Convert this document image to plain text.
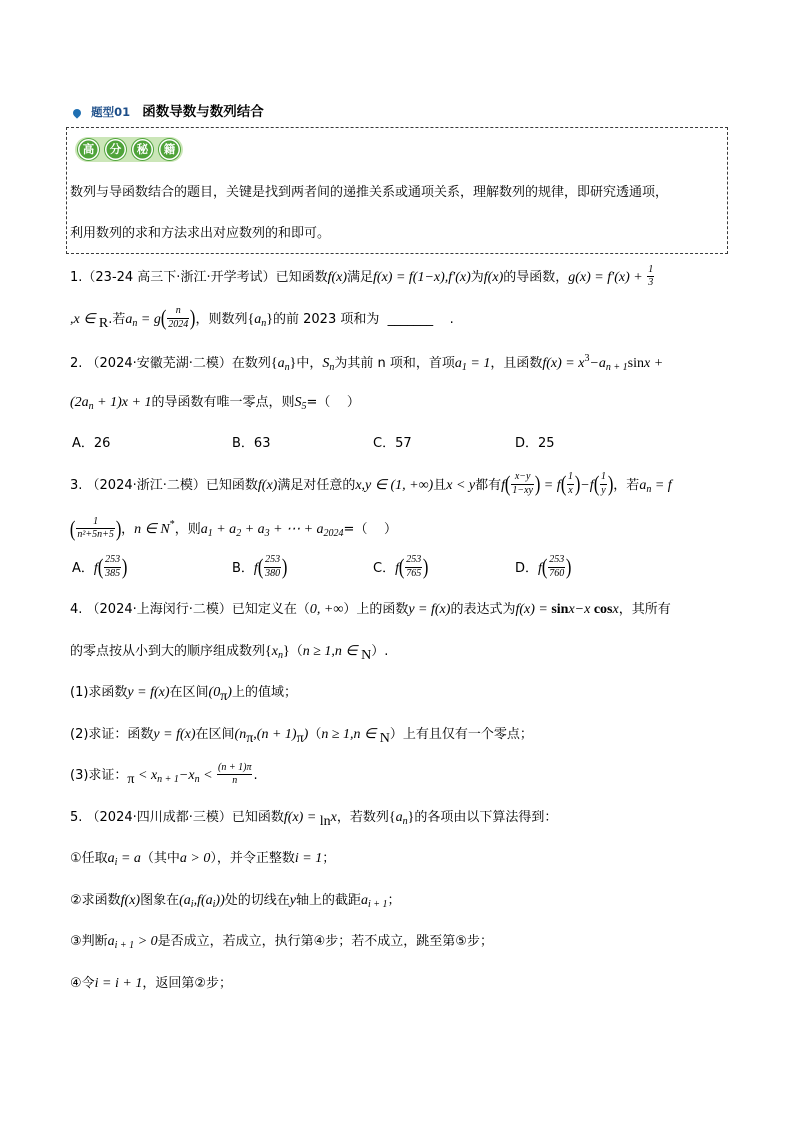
题型01 函数导数与数列结合
高	分	秘	籍
数列与导函数结合的题目，关键是找到两者间的递推关系或通项关系，理解数列的规律，即研究透通项，
利用数列的求和方法求出对应数列的和即可。
1.（23-24 高三下·浙江·开学考试）已知函数f(x)满足f(x) = f(1−x),f′(x)为f(x)的导函数，$g(x) = f'(x) + \frac{1}{3}$
,x ∈ R.若$a_n = g( \frac{n}{2024}$ )，则数列$\{a_n\}$的前 2023 项和为  _______    .
2. （2024·安徽芜湖·二模）在数列$\{a_n\}$中，$S_n$为其前 n 项和，首项$a_1 = 1$，且函数$f(x) = x^3-a_{n + 1}\sin x$ +
$(2a_n + 1)x + 1$的导函数有唯一零点，则$S_5=$（    ）
A．26	B．63	C．57	D．25
3. （2024·浙江·二模）已知函数f(x)满足对任意的x,y ∈ (1, +∞)且x < y都有$f( \frac{x-y}{1-xy}$ ) = $f( \frac{1}{x} )-f( \frac{1}{y}$ )，若$a_n = f$
( $\frac{1}{\text{n²+5n+5}}$ )，n ∈ N*，则$a_1 + a_2 + a_3$ + ⋯ + $a_{2024}=$（    ）
A．$f( \frac{253}{385}$ )	B．$f( \frac{253}{380}$ )	C．$f( \frac{253}{765}$ )	D．$f( \frac{253}{760}$ )
4. （2024·上海闵行·二模）已知定义在（0, +∞）上的函数y = f(x)的表达式为f(x) = sinx−x cosx，其所有
的零点按从小到大的顺序组成数列$\{x_n\}(n \ge 1,n$ ∈ N）.
(1)求函数y = f(x)在区间(0π)上的值域；
(2)求证：函数y = f(x)在区间(nπ,(n + 1)π)（n ≥ 1,n ∈ N）上有且仅有一个零点；
(3)求证：$\pi < x_{n + 1}-x_n < \frac{(n + 1)\pi}{n}$ .
5. （2024·四川成都·三模）已知函数f(x) = lnx，若数列$\{a_n\}$的各项由以下算法得到：
①任取$a_i = a$（其中a > 0），并令正整数i = 1；
②求函数f(x)图象在$(a_i,f(a_i))$处的切线在y轴上的截距$a_{i + 1}$；
③判断$a_{i + 1} > 0$是否成立，若成立，执行第④步；若不成立，跳至第⑤步；
④令i = i + 1，返回第②步；
